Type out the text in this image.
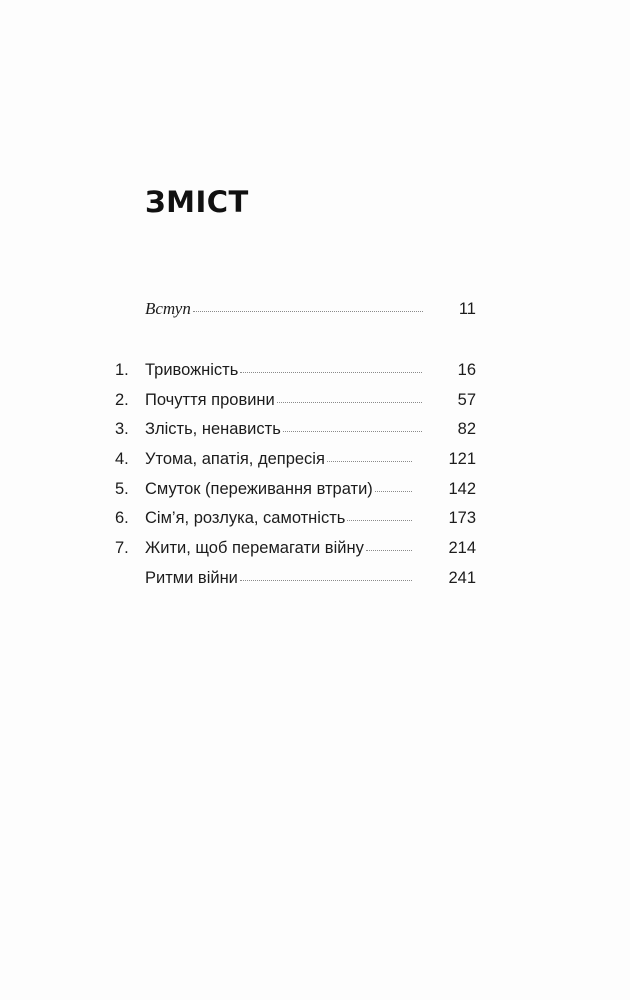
ЗМІСТ
Вступ	11
1. Тривожність	16
2. Почуття провини	57
3. Злість, ненависть	82
4. Утома, апатія, депресія	121
5. Смуток (переживання втрати)	142
6. Сім’я, розлука, самотність	173
7. Жити, щоб перемагати війну	214
Ритми війни	241
